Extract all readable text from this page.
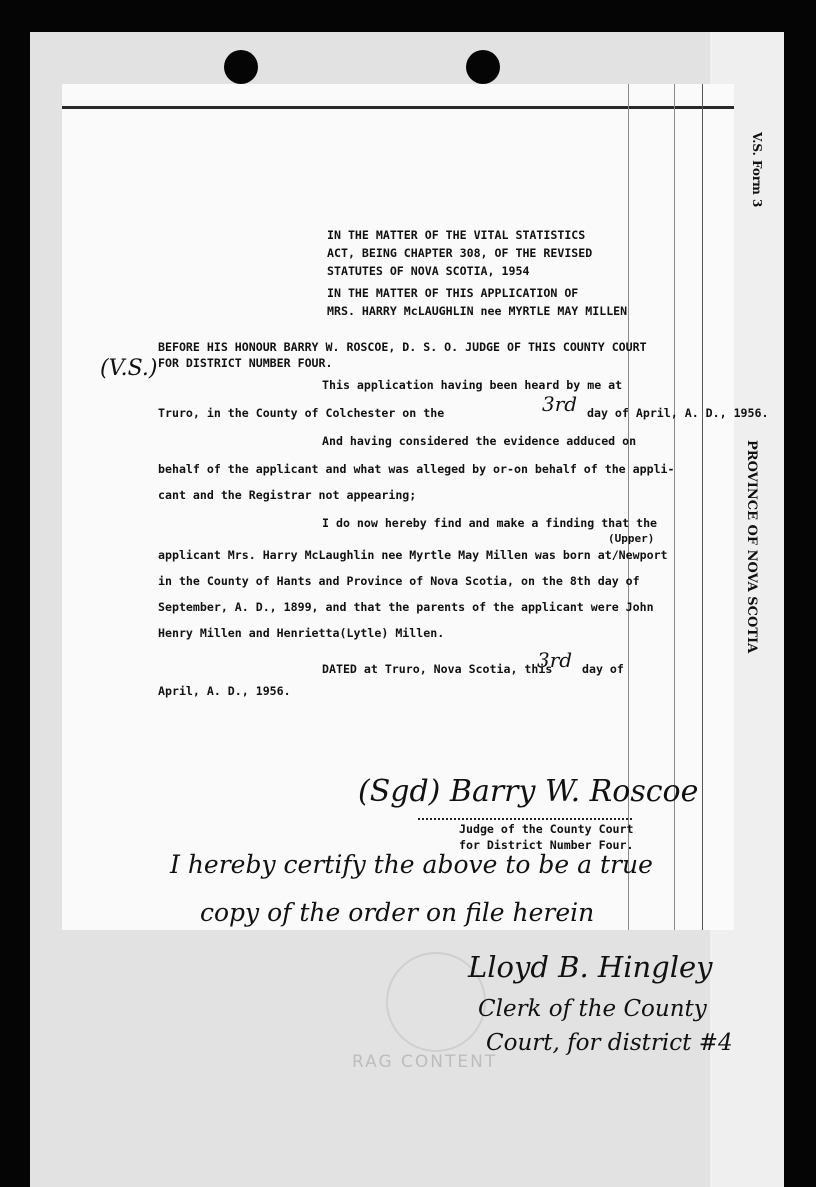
V.S. Form 3
PROVINCE OF NOVA SCOTIA
RAG CONTENT
IN THE MATTER OF THE VITAL STATISTICS
ACT, BEING CHAPTER 308, OF THE REVISED
STATUTES OF NOVA SCOTIA, 1954
IN THE MATTER OF THIS APPLICATION OF
MRS. HARRY McLAUGHLIN nee MYRTLE MAY MILLEN
BEFORE HIS HONOUR BARRY W. ROSCOE, D. S. O. JUDGE OF THIS COUNTY COURT
FOR DISTRICT NUMBER FOUR.
(V.S.)
This application having been heard by me at
Truro, in the County of Colchester on the	3rd day of April, A. D., 1956.
And having considered the evidence adduced on
behalf of the applicant and what was alleged by or-on behalf of the appli-
cant and the Registrar not appearing;
I do now hereby find and make a finding that the
(Upper)
applicant Mrs. Harry McLaughlin nee Myrtle May Millen was born at/Newport
in the County of Hants and Province of Nova Scotia, on the 8th day of
September, A. D., 1899, and that the parents of the applicant were John
Henry Millen and Henrietta(Lytle) Millen.
DATED at Truro, Nova Scotia, this
3rd day of
April, A. D., 1956.
(Sgd) Barry W. Roscoe
Judge of the County Court
for District Number Four.
I hereby certify the above to be a true
copy of the order on file herein
Lloyd B. Hingley
Clerk of the County
Court, for district #4
